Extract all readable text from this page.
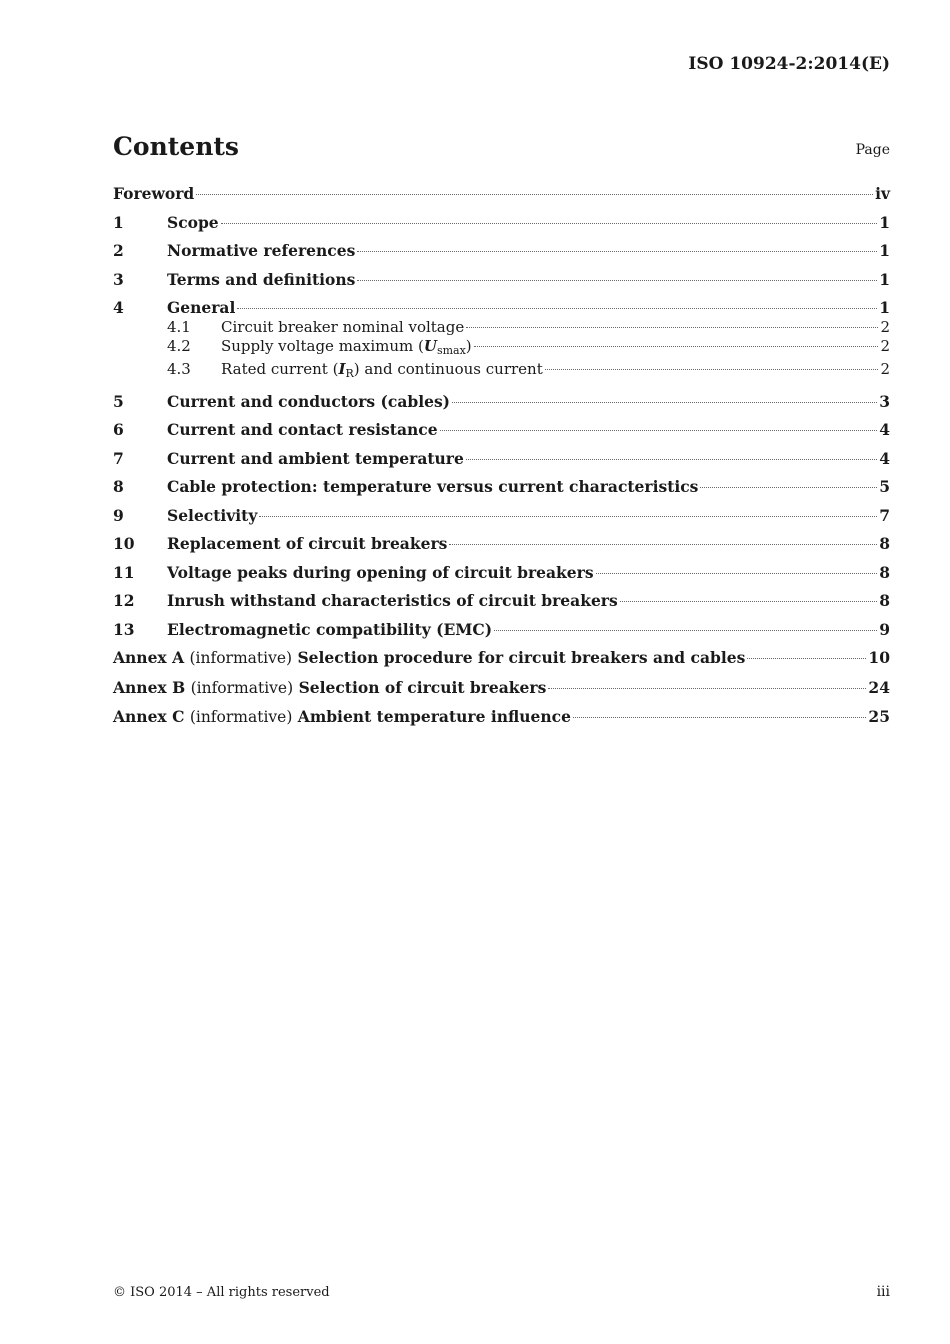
ISO 10924-2:2014(E)
Contents	Page
Foreword	iv
1	Scope	1
2	Normative references	1
3	Terms and definitions	1
4	General	1
4.1	Circuit breaker nominal voltage	2
4.2	Supply voltage maximum $(U_{smax})$	2
4.3	Rated current $(I_R)$ and continuous current	2
5	Current and conductors (cables)	3
6	Current and contact resistance	4
7	Current and ambient temperature	4
8	Cable protection: temperature versus current characteristics	5
9	Selectivity	7
10	Replacement of circuit breakers	8
11	Voltage peaks during opening of circuit breakers	8
12	Inrush withstand characteristics of circuit breakers	8
13	Electromagnetic compatibility (EMC)	9
Annex A (informative) Selection procedure for circuit breakers and cables	10
Annex B (informative) Selection of circuit breakers	24
Annex C (informative) Ambient temperature influence	25
© ISO 2014 – All rights reserved	iii
